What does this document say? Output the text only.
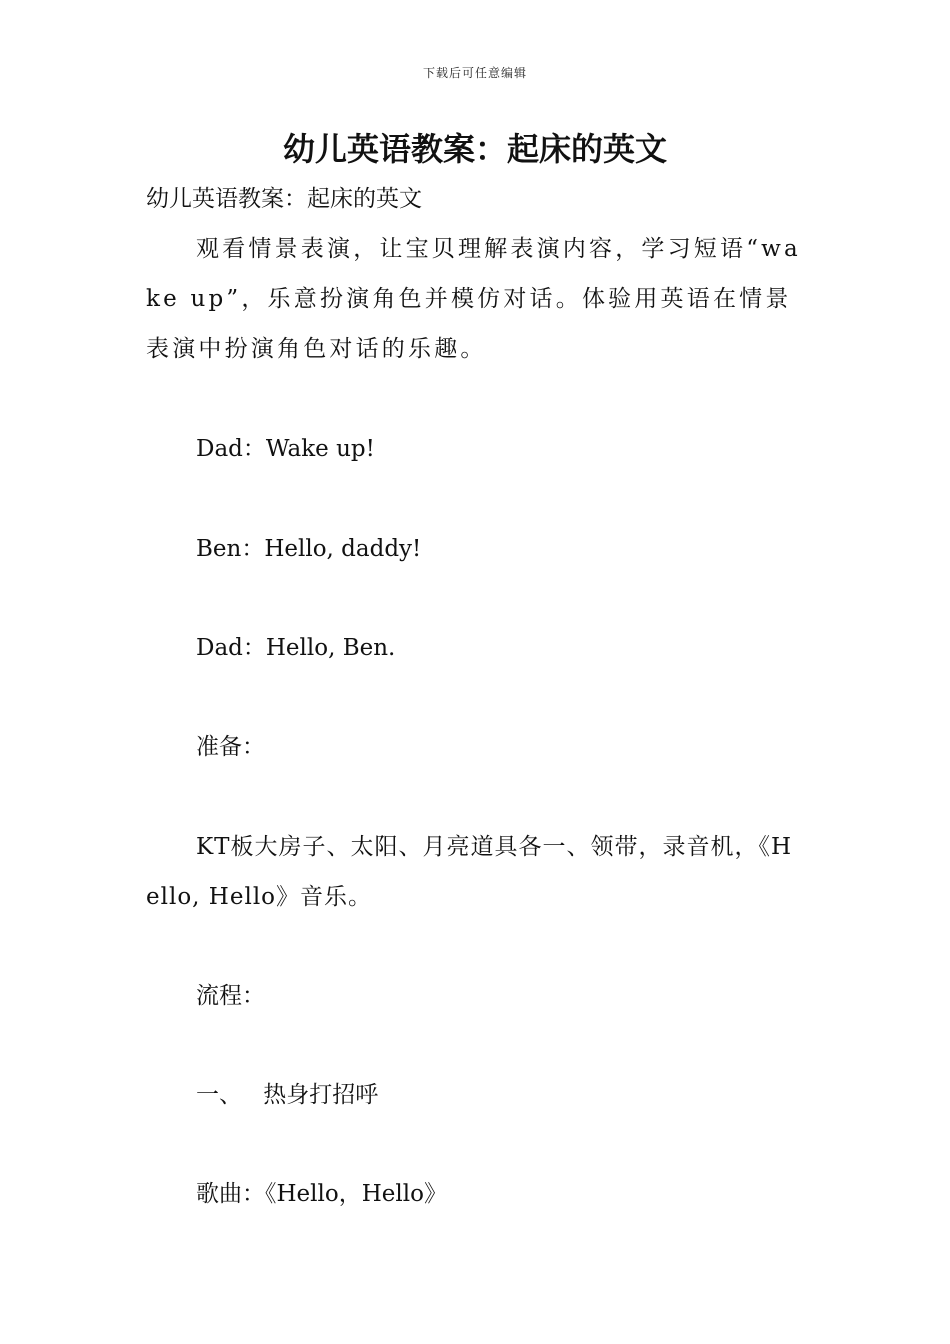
下载后可任意编辑
幼儿英语教案：起床的英文

幼儿英语教案：起床的英文

观看情景表演，让宝贝理解表演内容，学习短语“wake up”，乐意扮演角色并模仿对话。体验用英语在情景表演中扮演角色对话的乐趣。

Dad：Wake up!

Ben：Hello, daddy!

Dad：Hello, Ben.

准备：

KT板大房子、太阳、月亮道具各一、领带，录音机，《Hello, Hello》音乐。

流程：

一、 热身打招呼

歌曲：《Hello，Hello》
